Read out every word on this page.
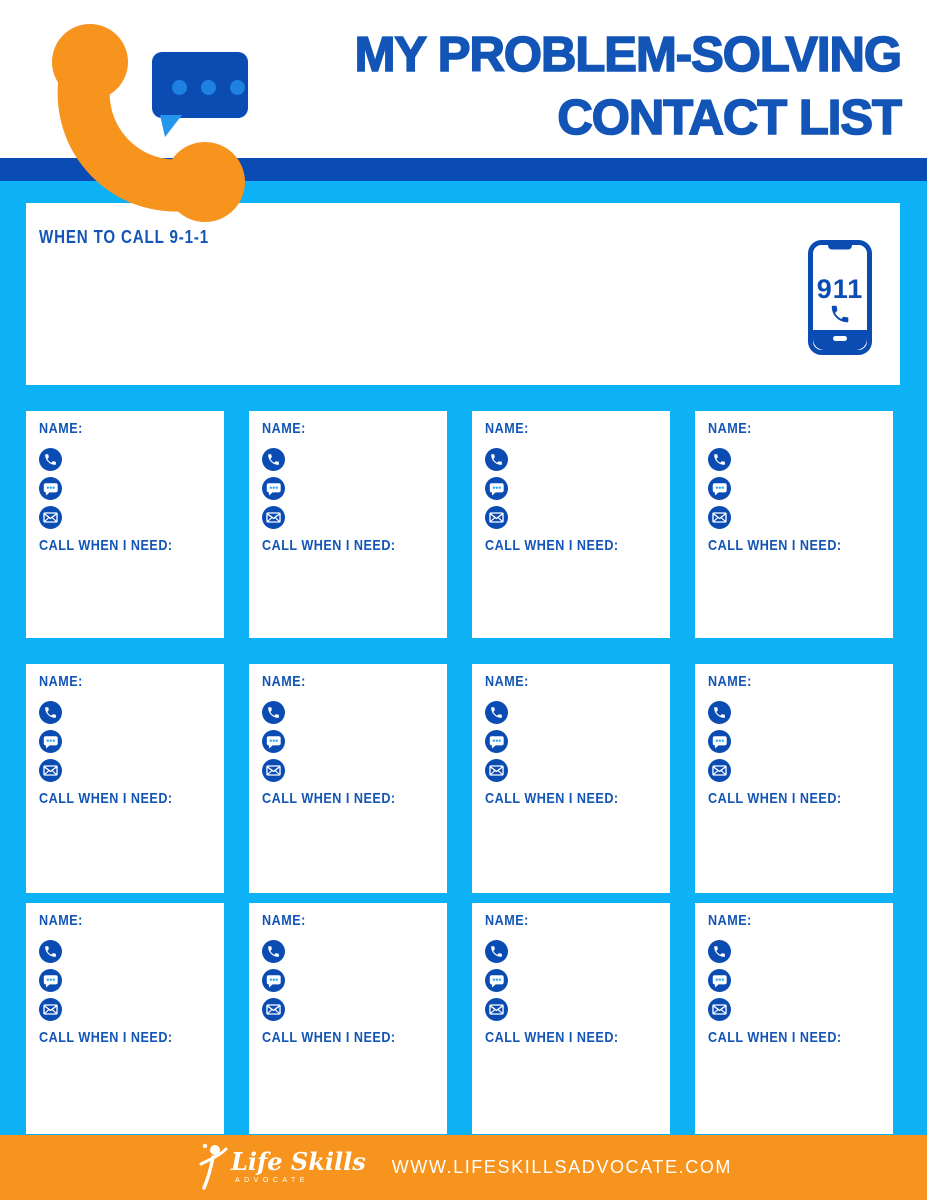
MY PROBLEM-SOLVING
CONTACT LIST
WHEN TO CALL 9-1-1
911
NAME:
CALL WHEN I NEED:
NAME:
CALL WHEN I NEED:
NAME:
CALL WHEN I NEED:
NAME:
CALL WHEN I NEED:
NAME:
CALL WHEN I NEED:
NAME:
CALL WHEN I NEED:
NAME:
CALL WHEN I NEED:
NAME:
CALL WHEN I NEED:
NAME:
CALL WHEN I NEED:
NAME:
CALL WHEN I NEED:
NAME:
CALL WHEN I NEED:
NAME:
CALL WHEN I NEED:
Life Skills
ADVOCATE
WWW.LIFESKILLSADVOCATE.COM
